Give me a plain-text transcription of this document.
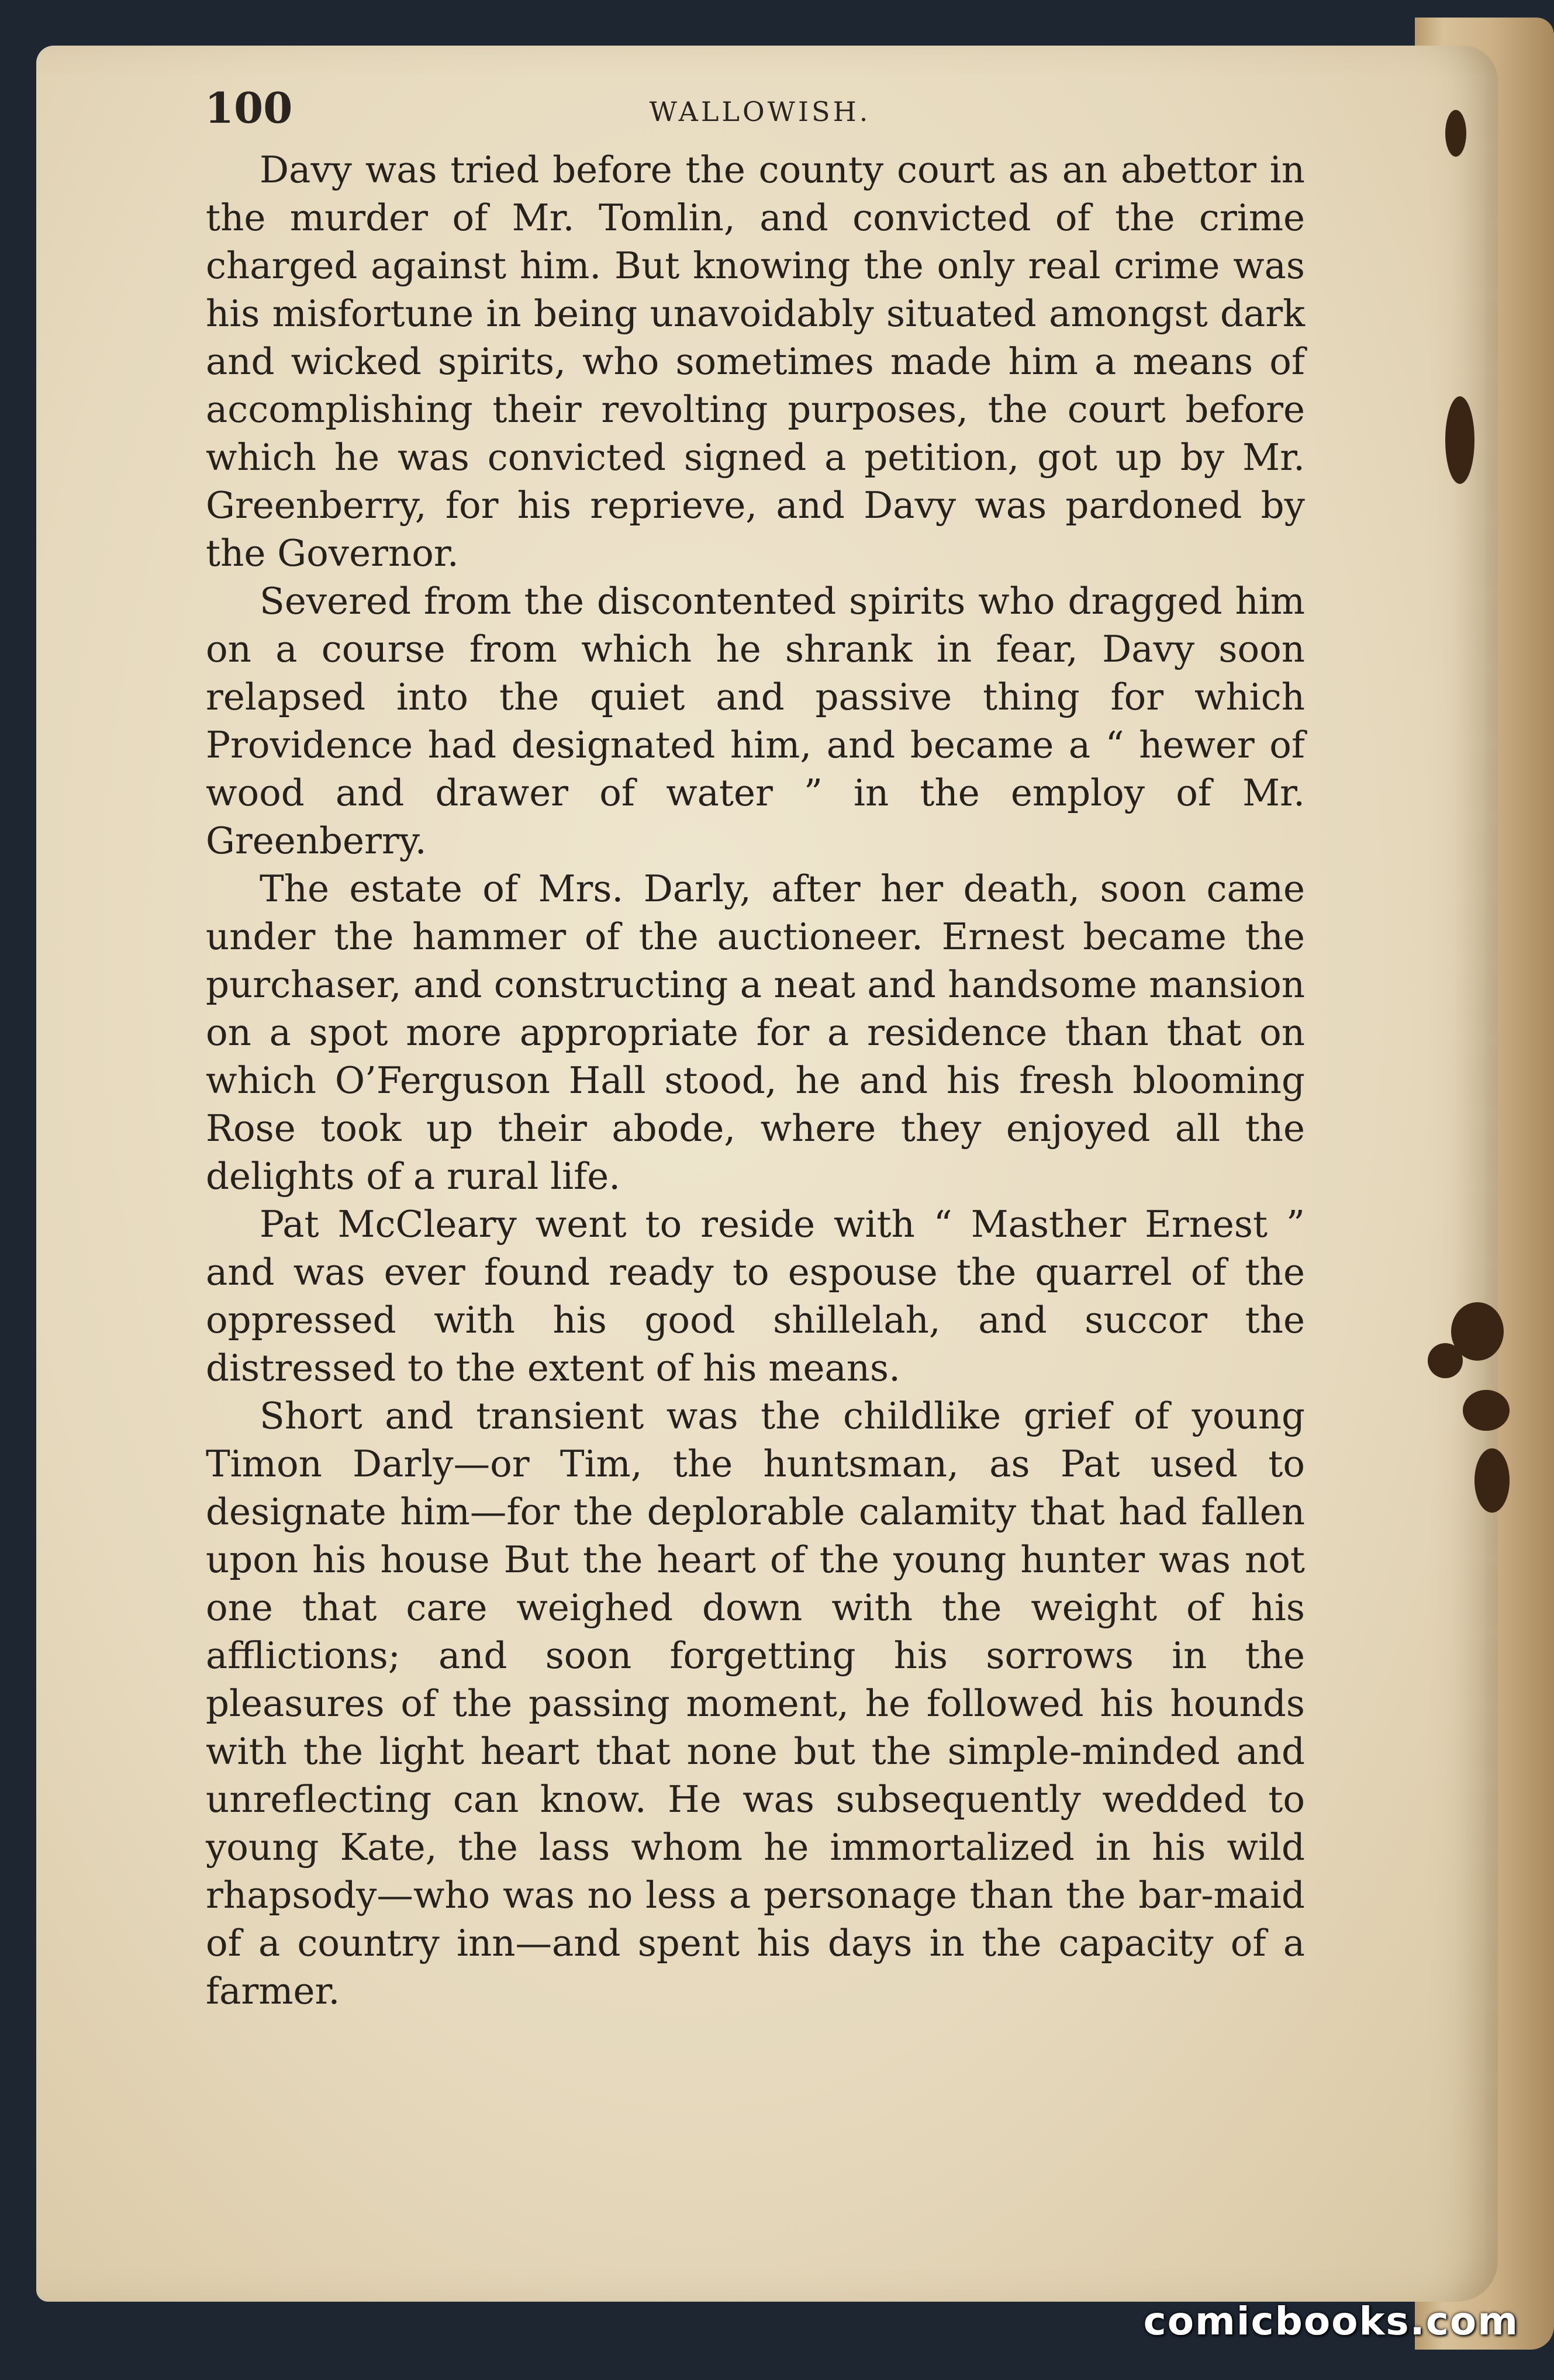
100	WALLOWISH.

Davy was tried before the county court as an abettor in the murder of Mr. Tomlin, and convicted of the crime charged against him. But knowing the only real crime was his misfortune in being unavoidably situated amongst dark and wicked spirits, who sometimes made him a means of accomplishing their revolting purposes, the court before which he was convicted signed a petition, got up by Mr. Greenberry, for his reprieve, and Davy was pardoned by the Governor.

Severed from the discontented spirits who dragged him on a course from which he shrank in fear, Davy soon relapsed into the quiet and passive thing for which Providence had designated him, and became a “ hewer of wood and drawer of water ” in the employ of Mr. Greenberry.

The estate of Mrs. Darly, after her death, soon came under the hammer of the auctioneer. Ernest became the purchaser, and constructing a neat and handsome mansion on a spot more appropriate for a residence than that on which O’Ferguson Hall stood, he and his fresh blooming Rose took up their abode, where they enjoyed all the delights of a rural life.

Pat McCleary went to reside with “ Masther Ernest ” and was ever found ready to espouse the quarrel of the oppressed with his good shillelah, and succor the distressed to the extent of his means.

Short and transient was the childlike grief of young Timon Darly—or Tim, the huntsman, as Pat used to designate him—for the deplorable calamity that had fallen upon his house But the heart of the young hunter was not one that care weighed down with the weight of his afflictions; and soon forgetting his sorrows in the pleasures of the passing moment, he followed his hounds with the light heart that none but the simple-minded and unreflecting can know. He was subsequently wedded to young Kate, the lass whom he immortalized in his wild rhapsody—who was no less a personage than the bar-maid of a country inn—and spent his days in the capacity of a farmer.

comicbooks.com
